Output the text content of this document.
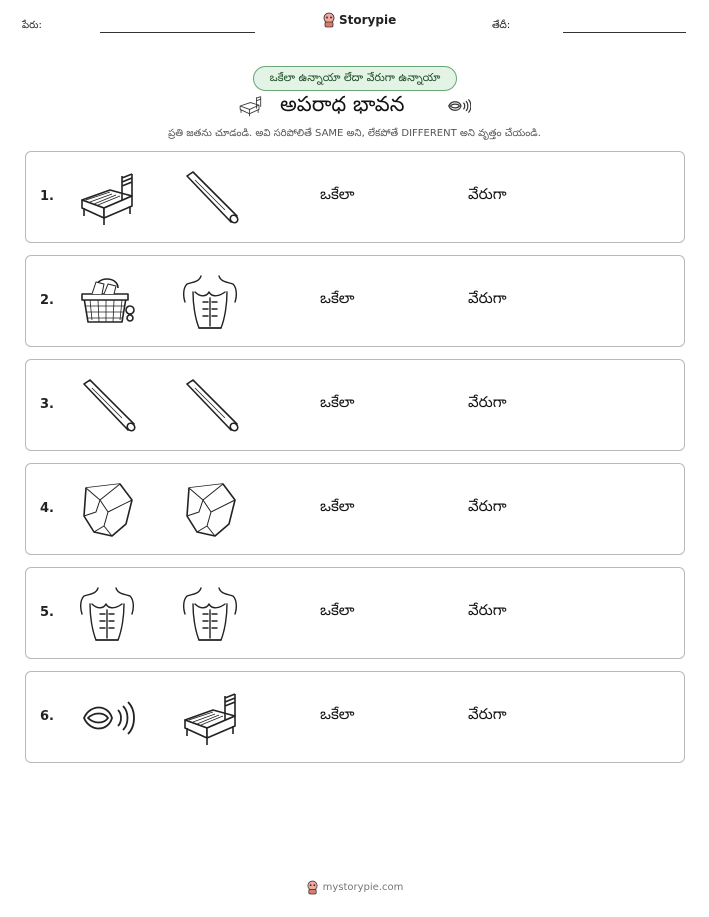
పేరు:	Storypie	తేదీ:
ఒకేలా ఉన్నాయా లేదా వేరుగా ఉన్నాయా
అపరాధ భావన
ప్రతి జతను చూడండి. అవి సరిపోలితే SAME అని, లేకపోతే DIFFERENT అని వృత్తం చేయండి.
1.	ఒకేలా	వేరుగా
2.	ఒకేలా	వేరుగా
3.	ఒకేలా	వేరుగా
4.	ఒకేలా	వేరుగా
5.	ఒకేలా	వేరుగా
6.	ఒకేలా	వేరుగా
mystorypie.com
